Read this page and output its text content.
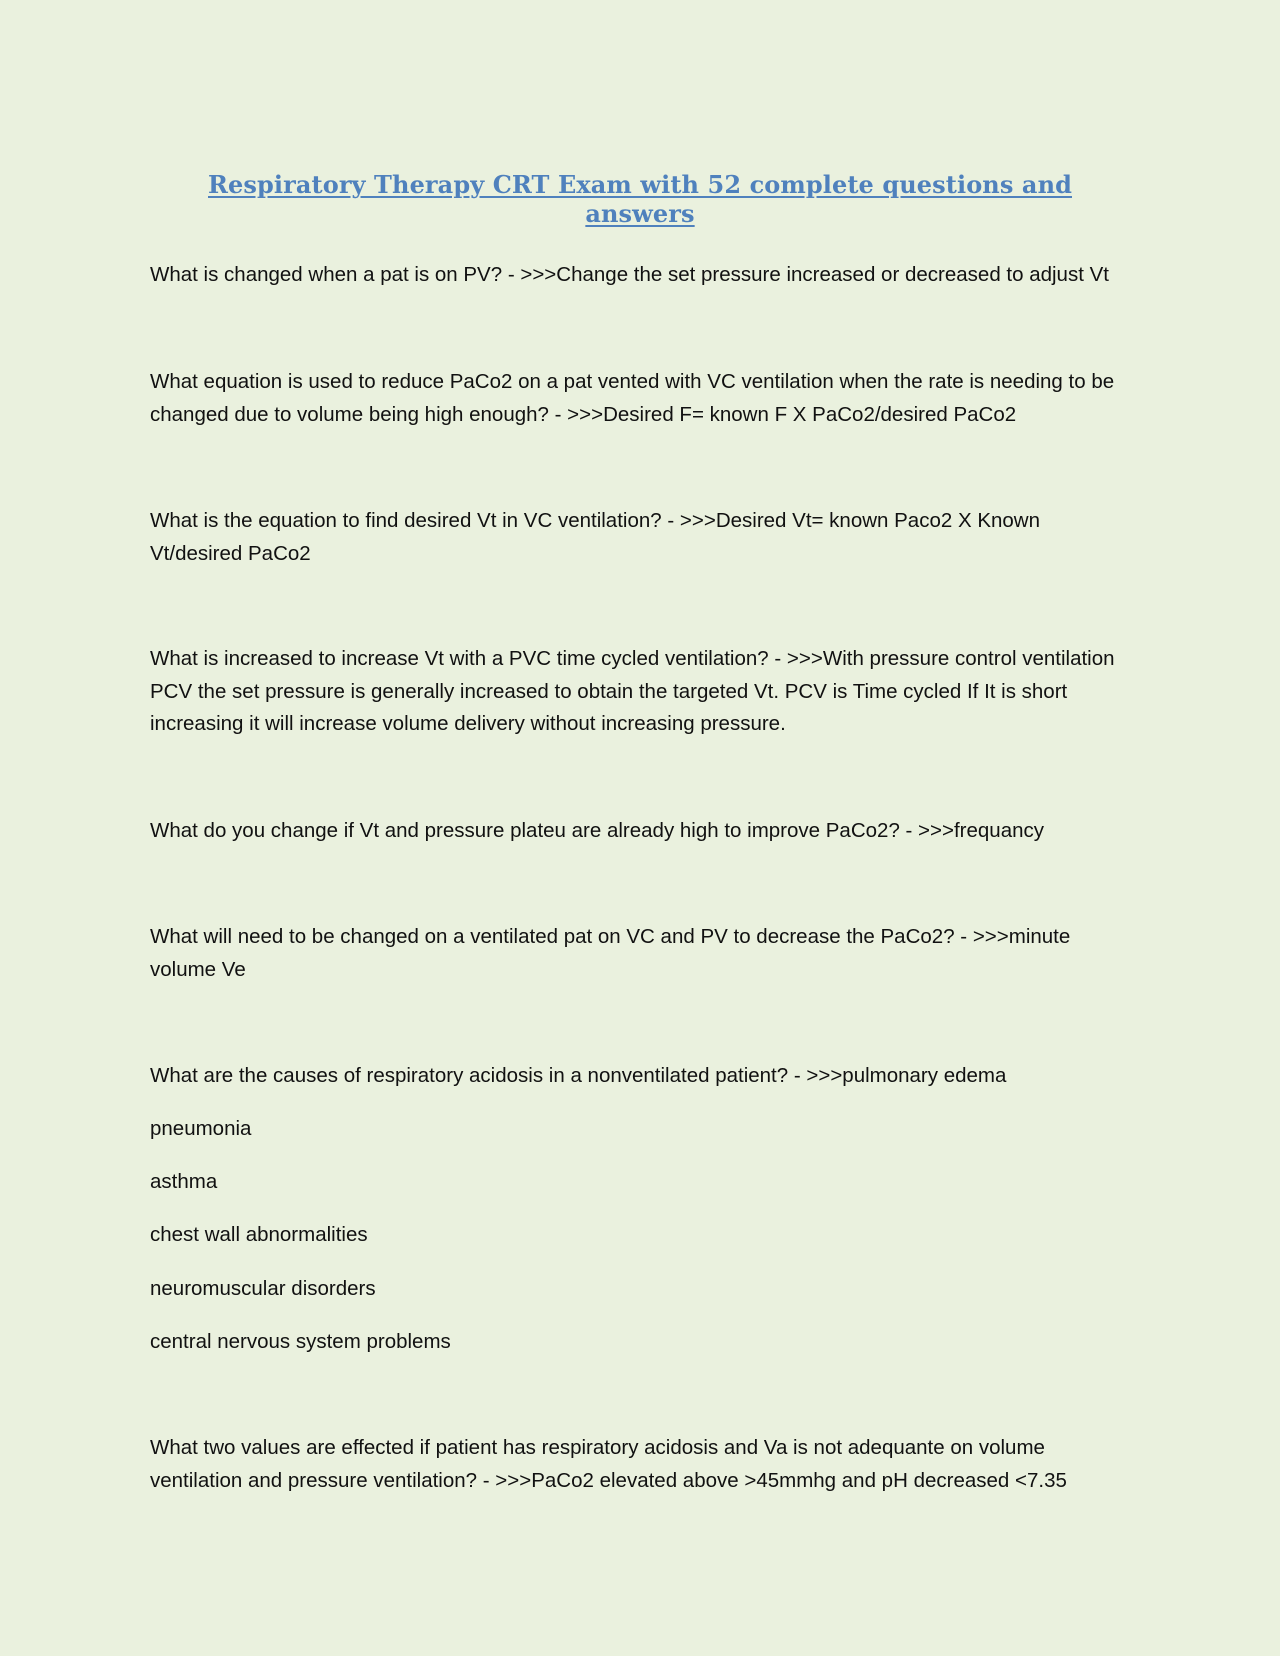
Respiratory Therapy CRT Exam with 52 complete questions and answers
What is changed when a pat is on PV? - >>>	Change the set pressure increased or decreased to adjust Vt
What equation is used to reduce PaCo2 on a pat vented with VC ventilation when the rate is needing to be changed due to volume being high enough? - >>>	Desired F= known F X PaCo2/desired PaCo2
What is the equation to find desired Vt in VC ventilation? - >>>	Desired Vt= known Paco2 X Known Vt/desired PaCo2
What is increased to increase Vt with a PVC time cycled ventilation? - >>>	With pressure control ventilation PCV the set pressure is generally increased to obtain the targeted Vt. PCV is Time cycled If It is short increasing it will increase volume delivery without increasing pressure.
What do you change if Vt and pressure plateu are already high to improve PaCo2? - >>>	frequancy
What will need to be changed on a ventilated pat on VC and PV to decrease the PaCo2? - >>>	minute volume Ve
What are the causes of respiratory acidosis in a nonventilated patient? - >>>	pulmonary edema
pneumonia
asthma
chest wall abnormalities
neuromuscular disorders
central nervous system problems
What two values are effected if patient has respiratory acidosis and Va is not adequante on volume ventilation and pressure ventilation? - >>>	PaCo2 elevated above >45mmhg and pH decreased <7.35
